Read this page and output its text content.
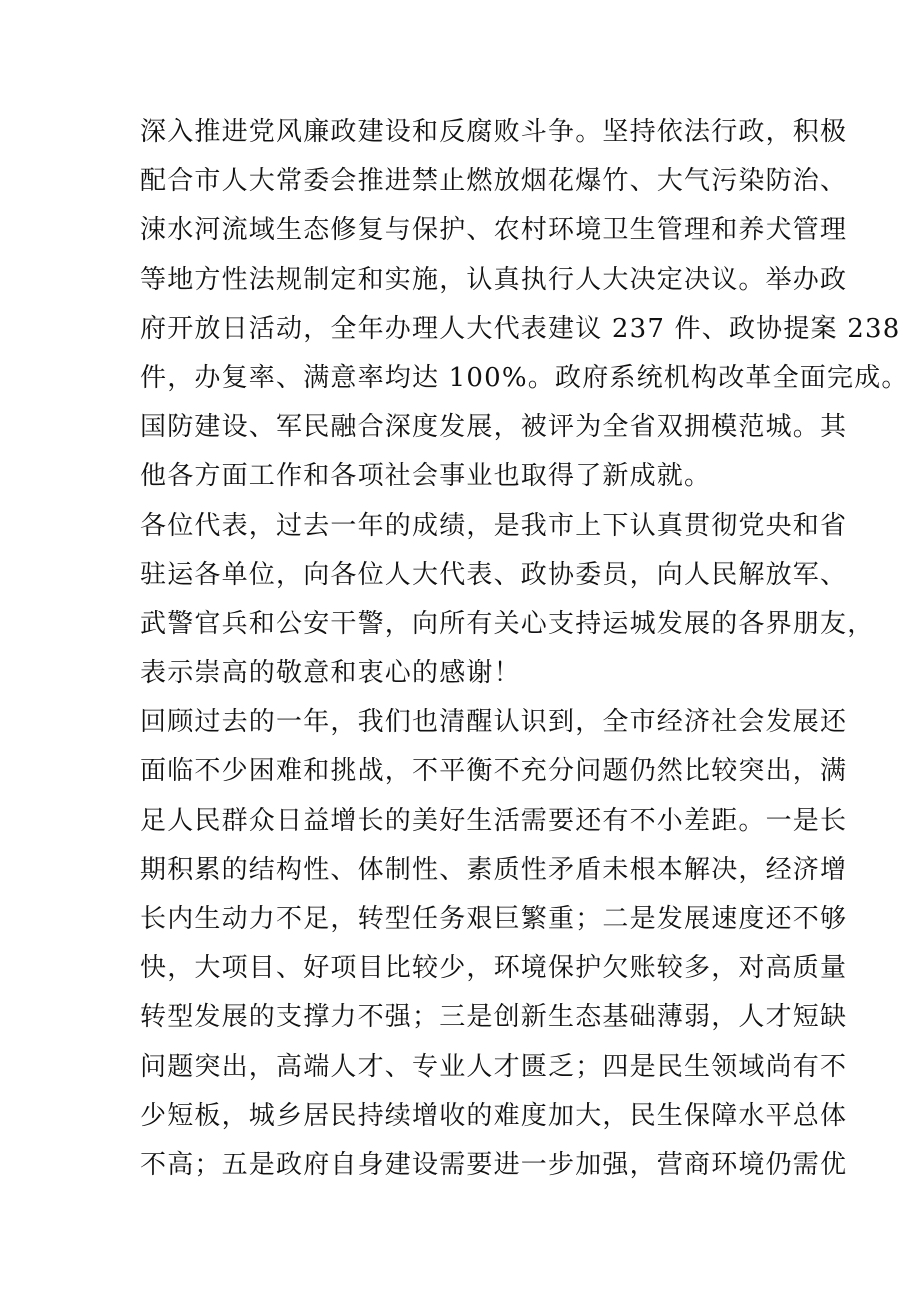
深入推进党风廉政建设和反腐败斗争。坚持依法行政，积极
配合市人大常委会推进禁止燃放烟花爆竹、大气污染防治、
涑水河流域生态修复与保护、农村环境卫生管理和养犬管理
等地方性法规制定和实施，认真执行人大决定决议。举办政
府开放日活动，全年办理人大代表建议 237 件、政协提案 238
件，办复率、满意率均达 100%。政府系统机构改革全面完成。
国防建设、军民融合深度发展，被评为全省双拥模范城。其
他各方面工作和各项社会事业也取得了新成就。
各位代表，过去一年的成绩，是我市上下认真贯彻党央和省
驻运各单位，向各位人大代表、政协委员，向人民解放军、
武警官兵和公安干警，向所有关心支持运城发展的各界朋友，
表示崇高的敬意和衷心的感谢！
回顾过去的一年，我们也清醒认识到，全市经济社会发展还
面临不少困难和挑战，不平衡不充分问题仍然比较突出，满
足人民群众日益增长的美好生活需要还有不小差距。一是长
期积累的结构性、体制性、素质性矛盾未根本解决，经济增
长内生动力不足，转型任务艰巨繁重；二是发展速度还不够
快，大项目、好项目比较少，环境保护欠账较多，对高质量
转型发展的支撑力不强；三是创新生态基础薄弱，人才短缺
问题突出，高端人才、专业人才匮乏；四是民生领域尚有不
少短板，城乡居民持续增收的难度加大，民生保障水平总体
不高；五是政府自身建设需要进一步加强，营商环境仍需优
